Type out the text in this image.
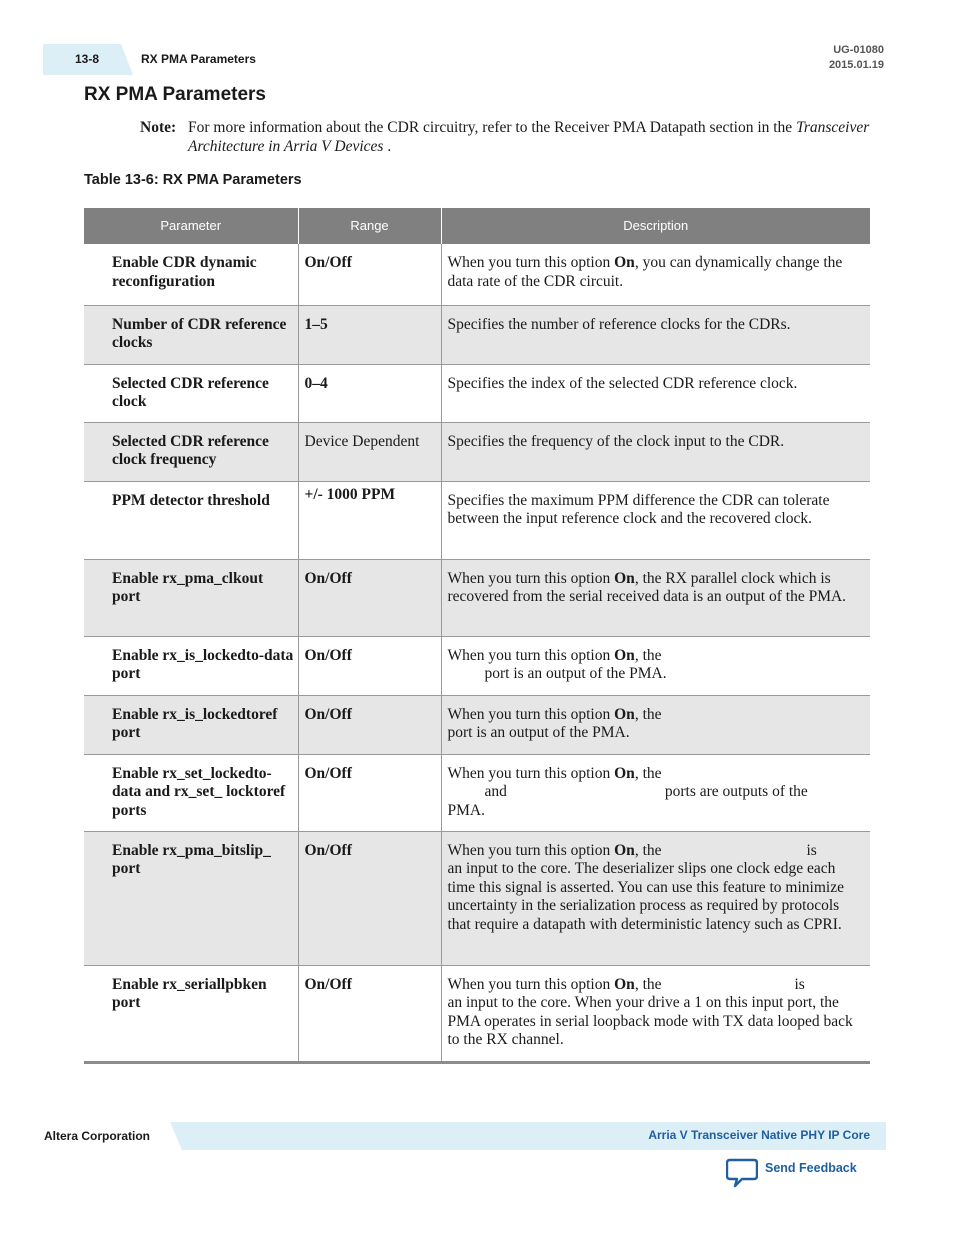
13-8	RX PMA Parameters
UG-01080
2015.01.19
RX PMA Parameters
Note: For more information about the CDR circuitry, refer to the Receiver PMA Datapath section in the Transceiver Architecture in Arria V Devices .
Table 13-6: RX PMA Parameters
Parameter	Range	Description
Enable CDR dynamic reconfiguration	On/Off	When you turn this option On, you can dynamically change the data rate of the CDR circuit.
Number of CDR reference clocks	1–5	Specifies the number of reference clocks for the CDRs.
Selected CDR reference clock	0–4	Specifies the index of the selected CDR reference clock.
Selected CDR reference clock frequency	Device Dependent	Specifies the frequency of the clock input to the CDR.
PPM detector threshold	+/- 1000 PPM	Specifies the maximum PPM difference the CDR can tolerate between the input reference clock and the recovered clock.
Enable rx_pma_clkout port	On/Off	When you turn this option On, the RX parallel clock which is recovered from the serial received data is an output of the PMA.
Enable rx_is_lockedto-data port	On/Off	When you turn this option On, the
port is an output of the PMA.
Enable rx_is_lockedtoref port	On/Off	When you turn this option On, the
port is an output of the PMA.
Enable rx_set_lockedto-data and rx_set_ locktoref ports	On/Off	When you turn this option On, the
and ports are outputs of the
PMA.
Enable rx_pma_bitslip_ port	On/Off	When you turn this option On, the is
an input to the core. The deserializer slips one clock edge each time this signal is asserted. You can use this feature to minimize uncertainty in the serialization process as required by protocols that require a datapath with deterministic latency such as CPRI.
Enable rx_seriallpbken port	On/Off	When you turn this option On, the is
an input to the core. When your drive a 1 on this input port, the PMA operates in serial loopback mode with TX data looped back to the RX channel.
Altera Corporation	Arria V Transceiver Native PHY IP Core
Send Feedback
